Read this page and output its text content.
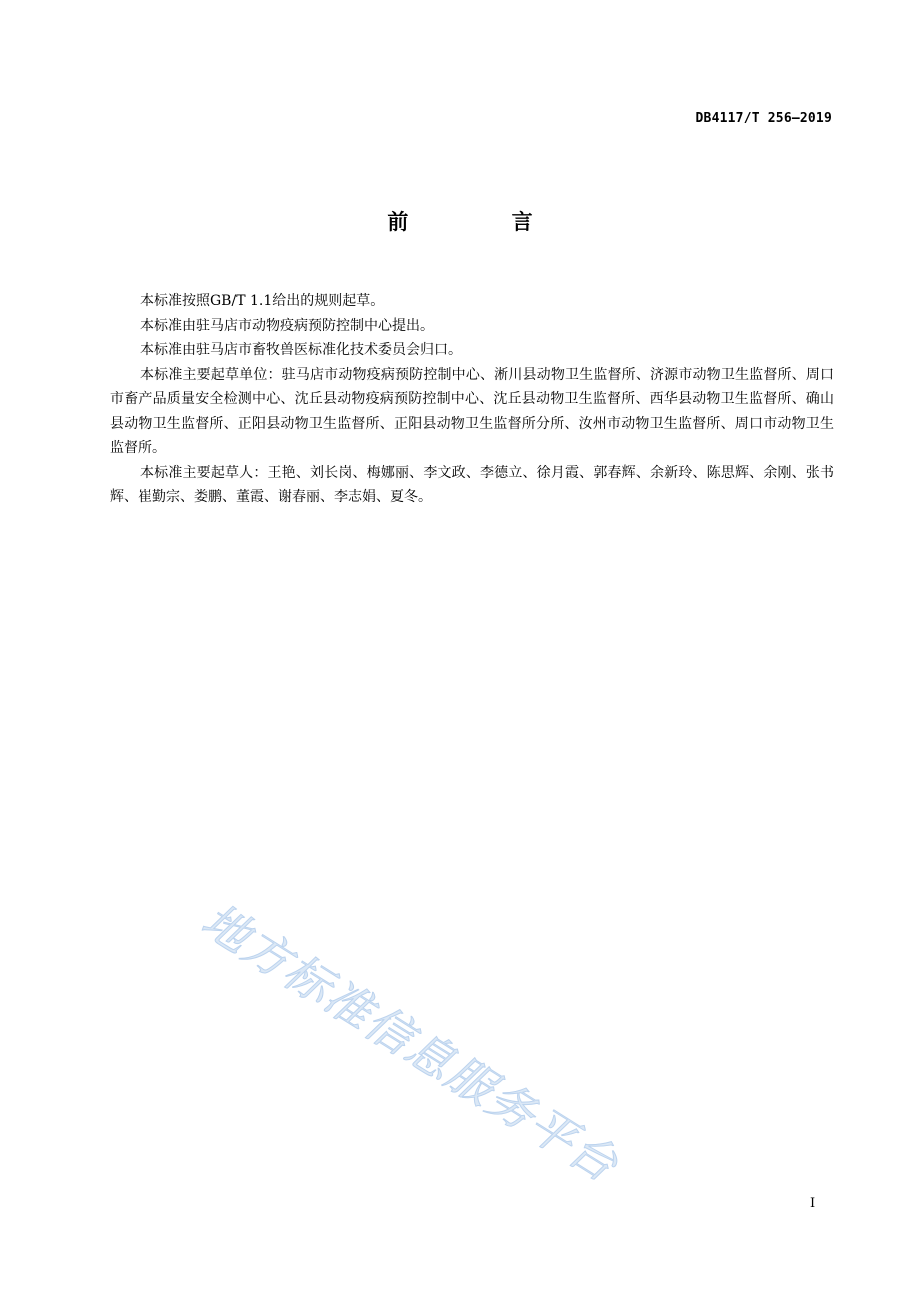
DB4117/T 256—2019
前 言

本标准按照GB/T 1.1给出的规则起草。

本标准由驻马店市动物疫病预防控制中心提出。

本标准由驻马店市畜牧兽医标准化技术委员会归口。

本标准主要起草单位：驻马店市动物疫病预防控制中心、淅川县动物卫生监督所、济源市动物卫生监督所、周口市畜产品质量安全检测中心、沈丘县动物疫病预防控制中心、沈丘县动物卫生监督所、西华县动物卫生监督所、确山县动物卫生监督所、正阳县动物卫生监督所、正阳县动物卫生监督所分所、汝州市动物卫生监督所、周口市动物卫生监督所。

本标准主要起草人：王艳、刘长岗、梅娜丽、李文政、李德立、徐月霞、郭春辉、余新玲、陈思辉、余刚、张书辉、崔勤宗、娄鹏、董霞、谢春丽、李志娟、夏冬。

地方标准信息服务平台
I
